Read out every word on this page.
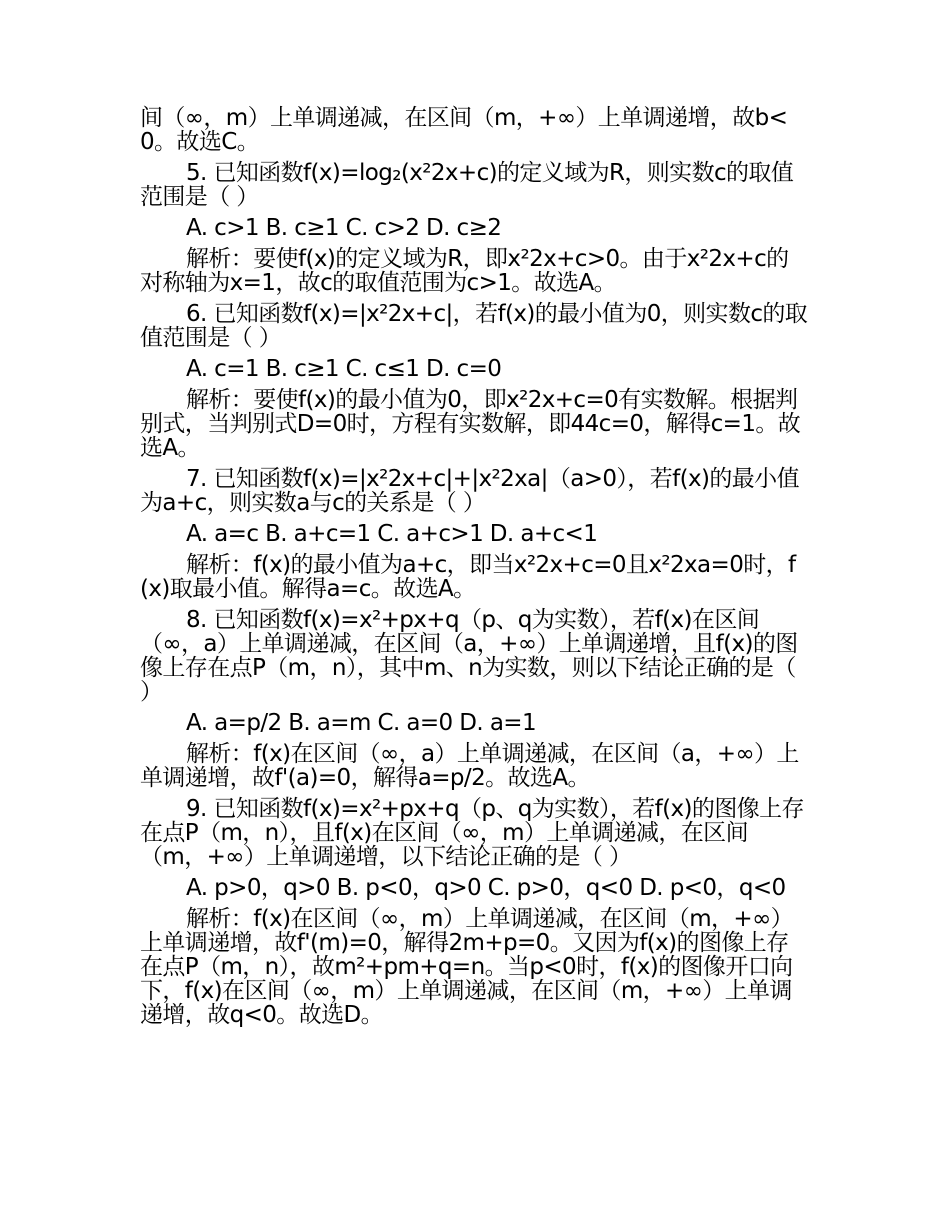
间（∞，m）上单调递减，在区间（m，+∞）上单调递增，故b<0。故选C。

5. 已知函数f(x)=log₂(x²2x+c)的定义域为R，则实数c的取值范围是（ ）

A. c>1 B. c≥1 C. c>2 D. c≥2

解析：要使f(x)的定义域为R，即x²2x+c>0。由于x²2x+c的对称轴为x=1，故c的取值范围为c>1。故选A。

6. 已知函数f(x)=|x²2x+c|，若f(x)的最小值为0，则实数c的取值范围是（ ）

A. c=1 B. c≥1 C. c≤1 D. c=0

解析：要使f(x)的最小值为0，即x²2x+c=0有实数解。根据判别式，当判别式D=0时，方程有实数解，即44c=0，解得c=1。故选A。

7. 已知函数f(x)=|x²2x+c|+|x²2xa|（a>0），若f(x)的最小值为a+c，则实数a与c的关系是（ ）

A. a=c B. a+c=1 C. a+c>1 D. a+c<1

解析：f(x)的最小值为a+c，即当x²2x+c=0且x²2xa=0时，f(x)取最小值。解得a=c。故选A。

8. 已知函数f(x)=x²+px+q（p、q为实数），若f(x)在区间（∞，a）上单调递减，在区间（a，+∞）上单调递增，且f(x)的图像上存在点P（m，n），其中m、n为实数，则以下结论正确的是（ ）

A. a=p/2 B. a=m C. a=0 D. a=1

解析：f(x)在区间（∞，a）上单调递减，在区间（a，+∞）上单调递增，故f'(a)=0，解得a=p/2。故选A。

9. 已知函数f(x)=x²+px+q（p、q为实数），若f(x)的图像上存在点P（m，n），且f(x)在区间（∞，m）上单调递减，在区间（m，+∞）上单调递增，以下结论正确的是（ ）

A. p>0，q>0 B. p<0，q>0 C. p>0，q<0 D. p<0，q<0

解析：f(x)在区间（∞，m）上单调递减，在区间（m，+∞）上单调递增，故f'(m)=0，解得2m+p=0。又因为f(x)的图像上存在点P（m，n），故m²+pm+q=n。当p<0时，f(x)的图像开口向下，f(x)在区间（∞，m）上单调递减，在区间（m，+∞）上单调递增，故q<0。故选D。
